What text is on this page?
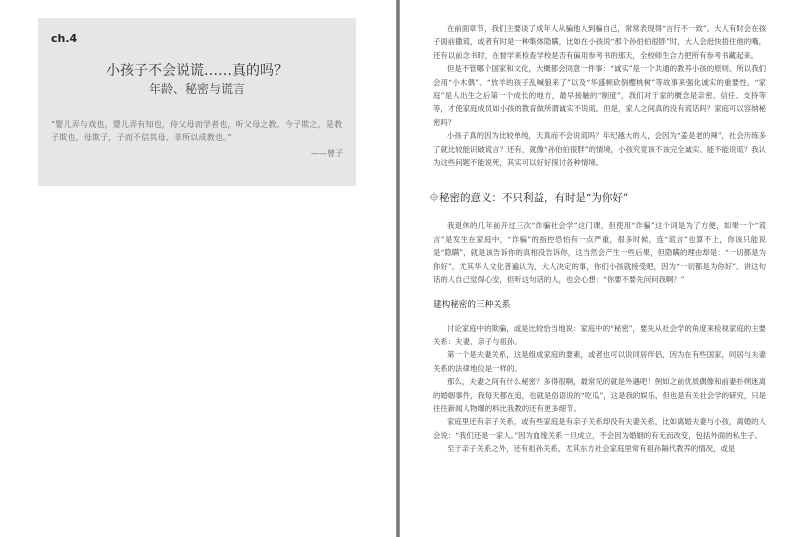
ch.4
小孩子不会说谎……真的吗？
年龄、秘密与谎言
“婴儿弄与戏也，婴儿弄有知也，侍父母而学者也，听父母之教，今子欺之，是教子欺也，母欺子，子而不信其母，非所以成教也。”
——曾子

在前面章节，我们主要谈了成年人从骗他人到骗自己，常常表现得“言行不一致”。大人有时会在孩子面前撒谎，或者有时是一种集体隐瞒，比如在小孩说“那个孙伯伯很胖”时，大人会赶快捂住他的嘴，还有以前念书时，在督学来检查学校是否有偏用参考书的那天，全校师生合力把所有参考书藏起来。

但是不管哪个国家和文化，大概都会同意一件事：“诚实”是一个共通的教养小孩的原则。所以我们会用“小木偶”、“放羊的孩子乱喊狼来了”以及“华盛顿砍倒樱桃树”等故事来强化诚实的重要性。“家庭”是人出生之后第一个成长的地方，最早接触的“制度”，我们对于家的概念是亲密、信任、支持等等，才使家庭成员如小孩的教育做所谓诚实不说谎。但是，家人之间真的没有谎话吗？家庭可以容纳秘密吗？

小孩子真的因为比较单纯，天真而不会说谎吗？年纪越大的人，会因为“姜是老的辣”，社会历练多了就比较能识破谎言？还有，就像“孙伯伯很胖”的情境，小孩究竟该不该完全诚实、能不能说谎？我认为这些问题不能说死，其实可以好好探讨各种情境。

秘密的意义：不只利益，有时是“为你好”

我退休的几年前开过三次“诈骗社会学”这门课，但使用“诈骗”这个词是为了方便，如果一个“谎言”是发生在家庭中，“诈骗”的指控恐怕有一点严重，很多时候，连“谎言”也算不上，你该只能说是“隐瞒”，就是该告诉你的真相没告诉你，这当然会产生一些后果，但隐瞒的理由却是：“一切都是为你好”。尤其华人文化普遍认为，大人决定的事，你们小孩就接受吧，因为“一切都是为你好”。讲这句话的人自己觉得心安，但听这句话的人，也会心想：“你要不要先问问我啊？”

建构秘密的三种关系

讨论家庭中的欺骗，或是比较恰当地说：家庭中的“秘密”，要先从社会学的角度来检视家庭的主要关系：夫妻、亲子与祖孙。

第一个是夫妻关系，这是组成家庭的要素，或者也可以说同居伴侣，因为在有些国家，同居与夫妻关系的法律地位是一样的。

那么，夫妻之间有什么秘密？多得很啊，最常见的就是外遇吧！例如之前优质偶像和前妻扑朔迷离的婚姻事件，我每天都在追，也就是俗语说的“吃瓜”，这是我的娱乐，但也是有关社会学的研究，只是往往新闻人物爆的料比我教的还有更多细节。

家庭里还有亲子关系，或有些家庭是有亲子关系却没有夫妻关系，比如离婚夫妻与小孩，离婚的人会说：“我们还是一家人。”因为血缘关系一旦成立，不会因为婚姻的有无而改变，包括外面的私生子。

至于亲子关系之外，还有祖孙关系，尤其东方社会家庭里常有祖孙隔代教养的情况，或是
